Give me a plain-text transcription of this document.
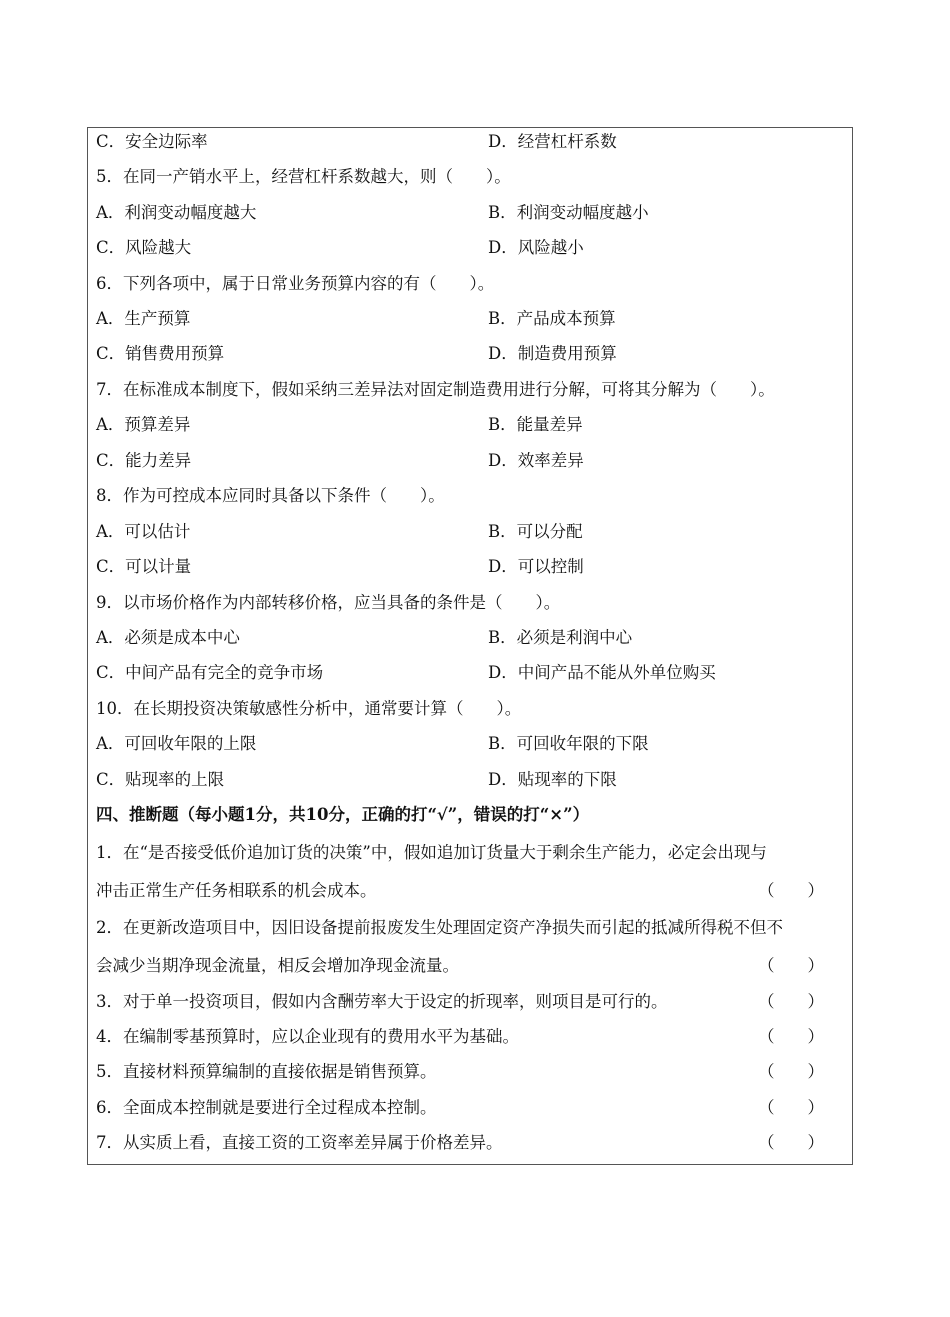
C．安全边际率	D．经营杠杆系数
5．在同一产销水平上，经营杠杆系数越大，则（　　）。
A．利润变动幅度越大	B．利润变动幅度越小
C．风险越大	D．风险越小
6．下列各项中，属于日常业务预算内容的有（　　）。
A．生产预算	B．产品成本预算
C．销售费用预算	D．制造费用预算
7．在标准成本制度下，假如采纳三差异法对固定制造费用进行分解，可将其分解为（　　）。
A．预算差异	B．能量差异
C．能力差异	D．效率差异
8．作为可控成本应同时具备以下条件（　　）。
A．可以估计	B．可以分配
C．可以计量	D．可以控制
9．以市场价格作为内部转移价格，应当具备的条件是（　　）。
A．必须是成本中心	B．必须是利润中心
C．中间产品有完全的竞争市场	D．中间产品不能从外单位购买
10．在长期投资决策敏感性分析中，通常要计算（　　）。
A．可回收年限的上限	B．可回收年限的下限
C．贴现率的上限	D．贴现率的下限
四、推断题（每小题1分，共10分，正确的打“√”，错误的打“×”）
1．在“是否接受低价追加订货的决策”中，假如追加订货量大于剩余生产能力，必定会出现与
冲击正常生产任务相联系的机会成本。	（　　）
2．在更新改造项目中，因旧设备提前报废发生处理固定资产净损失而引起的抵减所得税不但不
会减少当期净现金流量，相反会增加净现金流量。	（　　）
3．对于单一投资项目，假如内含酬劳率大于设定的折现率，则项目是可行的。	（　　）
4．在编制零基预算时，应以企业现有的费用水平为基础。	（　　）
5．直接材料预算编制的直接依据是销售预算。	（　　）
6．全面成本控制就是要进行全过程成本控制。	（　　）
7．从实质上看，直接工资的工资率差异属于价格差异。	（　　）
